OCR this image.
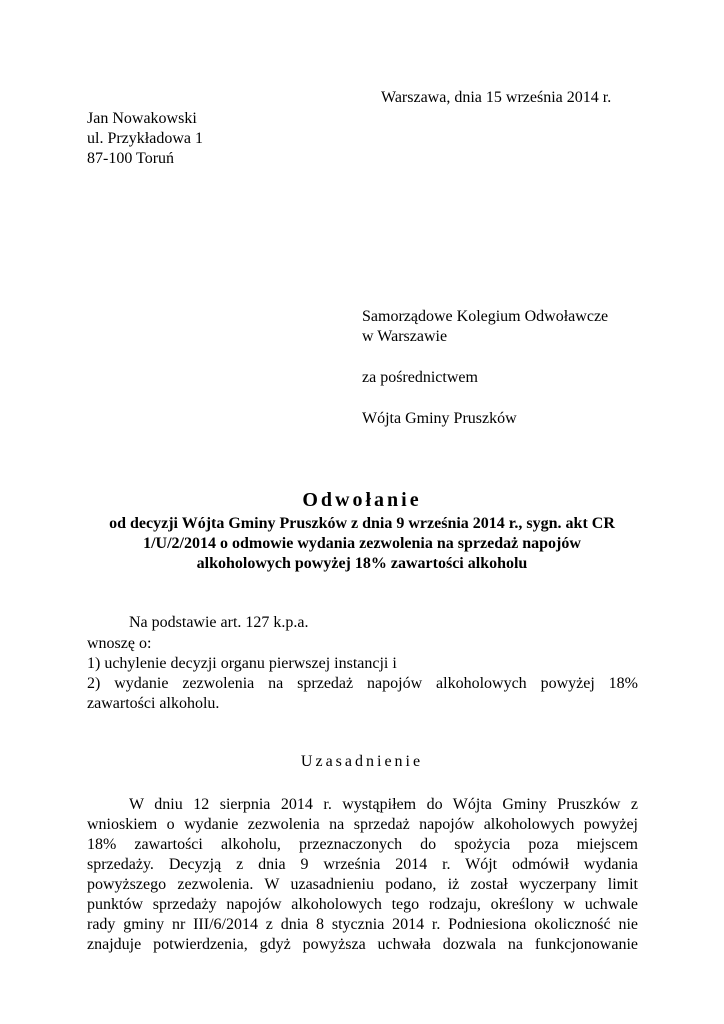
Warszawa, dnia 15 września 2014 r.

Jan Nowakowski

ul. Przykładowa 1

87-100 Toruń

Samorządowe Kolegium Odwoławcze

w Warszawie

za pośrednictwem

Wójta Gminy Pruszków

Odwołanie

od decyzji Wójta Gminy Pruszków z dnia 9 września 2014 r., sygn. akt CR

1/U/2/2014 o odmowie wydania zezwolenia na sprzedaż napojów

alkoholowych powyżej 18% zawartości alkoholu

Na podstawie art. 127 k.p.a.

wnoszę o:

1) uchylenie decyzji organu pierwszej instancji i

2) wydanie zezwolenia na sprzedaż napojów alkoholowych powyżej 18%

zawartości alkoholu.

Uzasadnienie

W dniu 12 sierpnia 2014 r. wystąpiłem do Wójta Gminy Pruszków z

wnioskiem o wydanie zezwolenia na sprzedaż napojów alkoholowych powyżej

18% zawartości alkoholu, przeznaczonych do spożycia poza miejscem

sprzedaży. Decyzją z dnia 9 września 2014 r. Wójt odmówił wydania

powyższego zezwolenia. W uzasadnieniu podano, iż został wyczerpany limit

punktów sprzedaży napojów alkoholowych tego rodzaju, określony w uchwale

rady gminy nr III/6/2014 z dnia 8 stycznia 2014 r. Podniesiona okoliczność nie

znajduje potwierdzenia, gdyż powyższa uchwała dozwala na funkcjonowanie
